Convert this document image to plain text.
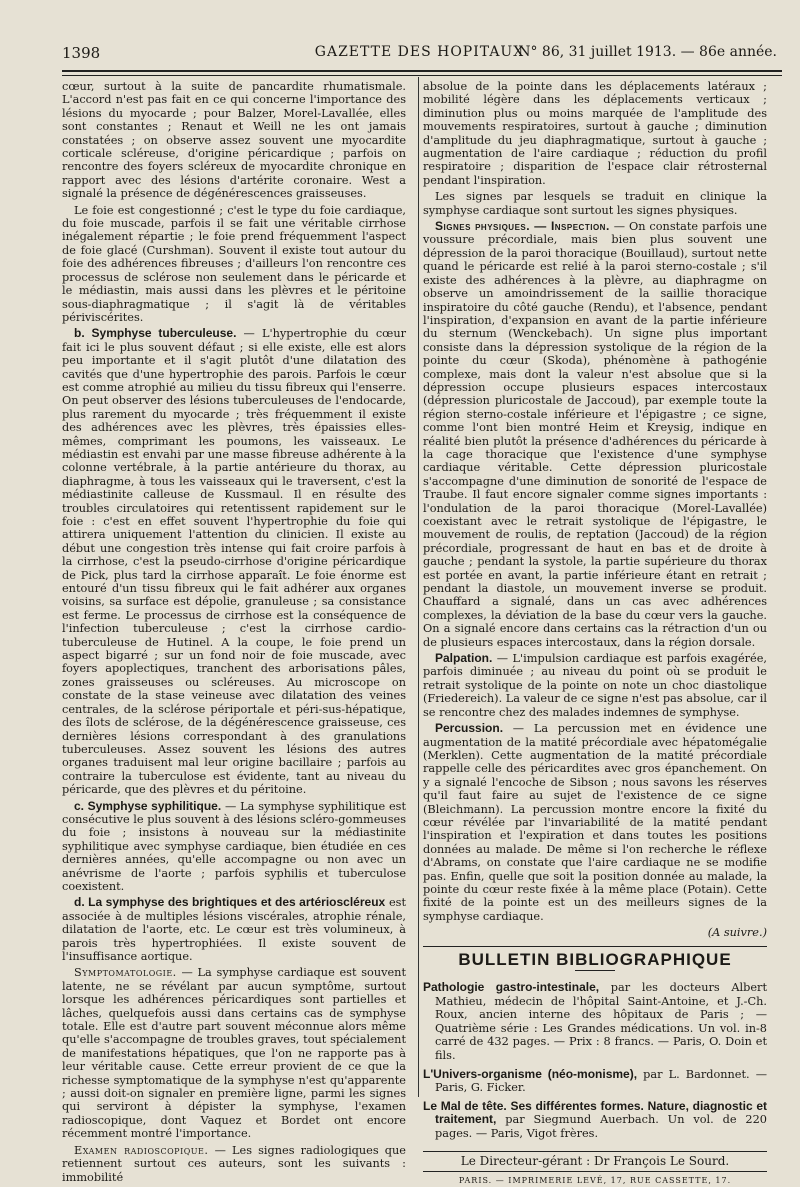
1398	GAZETTE DES HOPITAUX
N° 86, 31 juillet 1913. — 86e année.

cœur, surtout à la suite de pancardite rhumatismale. L'accord n'est pas fait en ce qui concerne l'importance des lésions du myocarde ; pour Balzer, Morel-Lavallée, elles sont constantes ; Renaut et Weill ne les ont jamais constatées ; on observe assez souvent une myocardite corticale scléreuse, d'origine péricardique ; parfois on rencontre des foyers scléreux de myocardite chronique en rapport avec des lésions d'artérite coronaire. West a signalé la présence de dégénérescences graisseuses.

Le foie est congestionné ; c'est le type du foie cardiaque, du foie muscade, parfois il se fait une véritable cirrhose inégalement répartie ; le foie prend fréquemment l'aspect de foie glacé (Curshman). Souvent il existe tout autour du foie des adhérences fibreuses ; d'ailleurs l'on rencontre ces processus de sclérose non seulement dans le péricarde et le médiastin, mais aussi dans les plèvres et le péritoine sous-diaphragmatique ; il s'agit là de véritables périviscérites.

b. Symphyse tuberculeuse. — L'hypertrophie du cœur fait ici le plus souvent défaut ; si elle existe, elle est alors peu importante et il s'agit plutôt d'une dilatation des cavités que d'une hypertrophie des parois. Parfois le cœur est comme atrophié au milieu du tissu fibreux qui l'enserre. On peut observer des lésions tuberculeuses de l'endocarde, plus rarement du myocarde ; très fréquemment il existe des adhérences avec les plèvres, très épaissies elles-mêmes, comprimant les poumons, les vaisseaux. Le médiastin est envahi par une masse fibreuse adhérente à la colonne vertébrale, à la partie antérieure du thorax, au diaphragme, à tous les vaisseaux qui le traversent, c'est la médiastinite calleuse de Kussmaul. Il en résulte des troubles circulatoires qui retentissent rapidement sur le foie : c'est en effet souvent l'hypertrophie du foie qui attirera uniquement l'attention du clinicien. Il existe au début une congestion très intense qui fait croire parfois à la cirrhose, c'est la pseudo-cirrhose d'origine péricardique de Pick, plus tard la cirrhose apparaît. Le foie énorme est entouré d'un tissu fibreux qui le fait adhérer aux organes voisins, sa surface est dépolie, granuleuse ; sa consistance est ferme. Le processus de cirrhose est la conséquence de l'infection tuberculeuse ; c'est la cirrhose cardio-tuberculeuse de Hutinel. A la coupe, le foie prend un aspect bigarré ; sur un fond noir de foie muscade, avec foyers apoplectiques, tranchent des arborisations pâles, zones graisseuses ou scléreuses. Au microscope on constate de la stase veineuse avec dilatation des veines centrales, de la sclérose périportale et péri-sus-hépatique, des îlots de sclérose, de la dégénérescence graisseuse, ces dernières lésions correspondant à des granulations tuberculeuses. Assez souvent les lésions des autres organes traduisent mal leur origine bacillaire ; parfois au contraire la tuberculose est évidente, tant au niveau du péricarde, que des plèvres et du péritoine.

c. Symphyse syphilitique. — La symphyse syphilitique est consécutive le plus souvent à des lésions scléro-gommeuses du foie ; insistons à nouveau sur la médiastinite syphilitique avec symphyse cardiaque, bien étudiée en ces dernières années, qu'elle accompagne ou non avec un anévrisme de l'aorte ; parfois syphilis et tuberculose coexistent.

d. La symphyse des brightiques et des artérioscléreux est associée à de multiples lésions viscérales, atrophie rénale, dilatation de l'aorte, etc. Le cœur est très volumineux, à parois très hypertrophiées. Il existe souvent de l'insuffisance aortique.

Symptomatologie. — La symphyse cardiaque est souvent latente, ne se révélant par aucun symptôme, surtout lorsque les adhérences péricardiques sont partielles et lâches, quelquefois aussi dans certains cas de symphyse totale. Elle est d'autre part souvent méconnue alors même qu'elle s'accompagne de troubles graves, tout spécialement de manifestations hépatiques, que l'on ne rapporte pas à leur véritable cause. Cette erreur provient de ce que la richesse symptomatique de la symphyse n'est qu'apparente ; aussi doit-on signaler en première ligne, parmi les signes qui serviront à dépister la symphyse, l'examen radioscopique, dont Vaquez et Bordet ont encore récemment montré l'importance.

Examen radioscopique. — Les signes radiologiques que retiennent surtout ces auteurs, sont les suivants : immobilité

absolue de la pointe dans les déplacements latéraux ; mobilité légère dans les déplacements verticaux ; diminution plus ou moins marquée de l'amplitude des mouvements respiratoires, surtout à gauche ; diminution d'amplitude du jeu diaphragmatique, surtout à gauche ; augmentation de l'aire cardiaque ; réduction du profil respiratoire ; disparition de l'espace clair rétrosternal pendant l'inspiration.

Les signes par lesquels se traduit en clinique la symphyse cardiaque sont surtout les signes physiques.

Signes physiques. — Inspection. — On constate parfois une voussure précordiale, mais bien plus souvent une dépression de la paroi thoracique (Bouillaud), surtout nette quand le péricarde est relié à la paroi sterno-costale ; s'il existe des adhérences à la plèvre, au diaphragme on observe un amoindrissement de la saillie thoracique inspiratoire du côté gauche (Rendu), et l'absence, pendant l'inspiration, d'expansion en avant de la partie inférieure du sternum (Wenckebach). Un signe plus important consiste dans la dépression systolique de la région de la pointe du cœur (Skoda), phénomène à pathogénie complexe, mais dont la valeur n'est absolue que si la dépression occupe plusieurs espaces intercostaux (dépression pluricostale de Jaccoud), par exemple toute la région sterno-costale inférieure et l'épigastre ; ce signe, comme l'ont bien montré Heim et Kreysig, indique en réalité bien plutôt la présence d'adhérences du péricarde à la cage thoracique que l'existence d'une symphyse cardiaque véritable. Cette dépression pluricostale s'accompagne d'une diminution de sonorité de l'espace de Traube. Il faut encore signaler comme signes importants : l'ondulation de la paroi thoracique (Morel-Lavallée) coexistant avec le retrait systolique de l'épigastre, le mouvement de roulis, de reptation (Jaccoud) de la région précordiale, progressant de haut en bas et de droite à gauche ; pendant la systole, la partie supérieure du thorax est portée en avant, la partie inférieure étant en retrait ; pendant la diastole, un mouvement inverse se produit. Chauffard a signalé, dans un cas avec adhérences complexes, la déviation de la base du cœur vers la gauche. On a signalé encore dans certains cas la rétraction d'un ou de plusieurs espaces intercostaux, dans la région dorsale.

Palpation. — L'impulsion cardiaque est parfois exagérée, parfois diminuée ; au niveau du point où se produit le retrait systolique de la pointe on note un choc diastolique (Friedereich). La valeur de ce signe n'est pas absolue, car il se rencontre chez des malades indemnes de symphyse.

Percussion. — La percussion met en évidence une augmentation de la matité précordiale avec hépatomégalie (Merklen). Cette augmentation de la matité précordiale rappelle celle des péricardites avec gros épanchement. On y a signalé l'encoche de Sibson ; nous savons les réserves qu'il faut faire au sujet de l'existence de ce signe (Bleichmann). La percussion montre encore la fixité du cœur révélée par l'invariabilité de la matité pendant l'inspiration et l'expiration et dans toutes les positions données au malade. De même si l'on recherche le réflexe d'Abrams, on constate que l'aire cardiaque ne se modifie pas. Enfin, quelle que soit la position donnée au malade, la pointe du cœur reste fixée à la même place (Potain). Cette fixité de la pointe est un des meilleurs signes de la symphyse cardiaque.

(A suivre.)
BULLETIN BIBLIOGRAPHIQUE
Pathologie gastro-intestinale, par les docteurs Albert Mathieu, médecin de l'hôpital Saint-Antoine, et J.-Ch. Roux, ancien interne des hôpitaux de Paris ; — Quatrième série : Les Grandes médications. Un vol. in-8 carré de 432 pages. — Prix : 8 francs. — Paris, O. Doin et fils.
L'Univers-organisme (néo-monisme), par L. Bardonnet. — Paris, G. Ficker.
Le Mal de tête. Ses différentes formes. Nature, diagnostic et traitement, par Siegmund Auerbach. Un vol. de 220 pages. — Paris, Vigot frères.
Le Directeur-gérant : Dr François Le Sourd.
PARIS. — IMPRIMERIE LEVÉ, 17, RUE CASSETTE, 17.
